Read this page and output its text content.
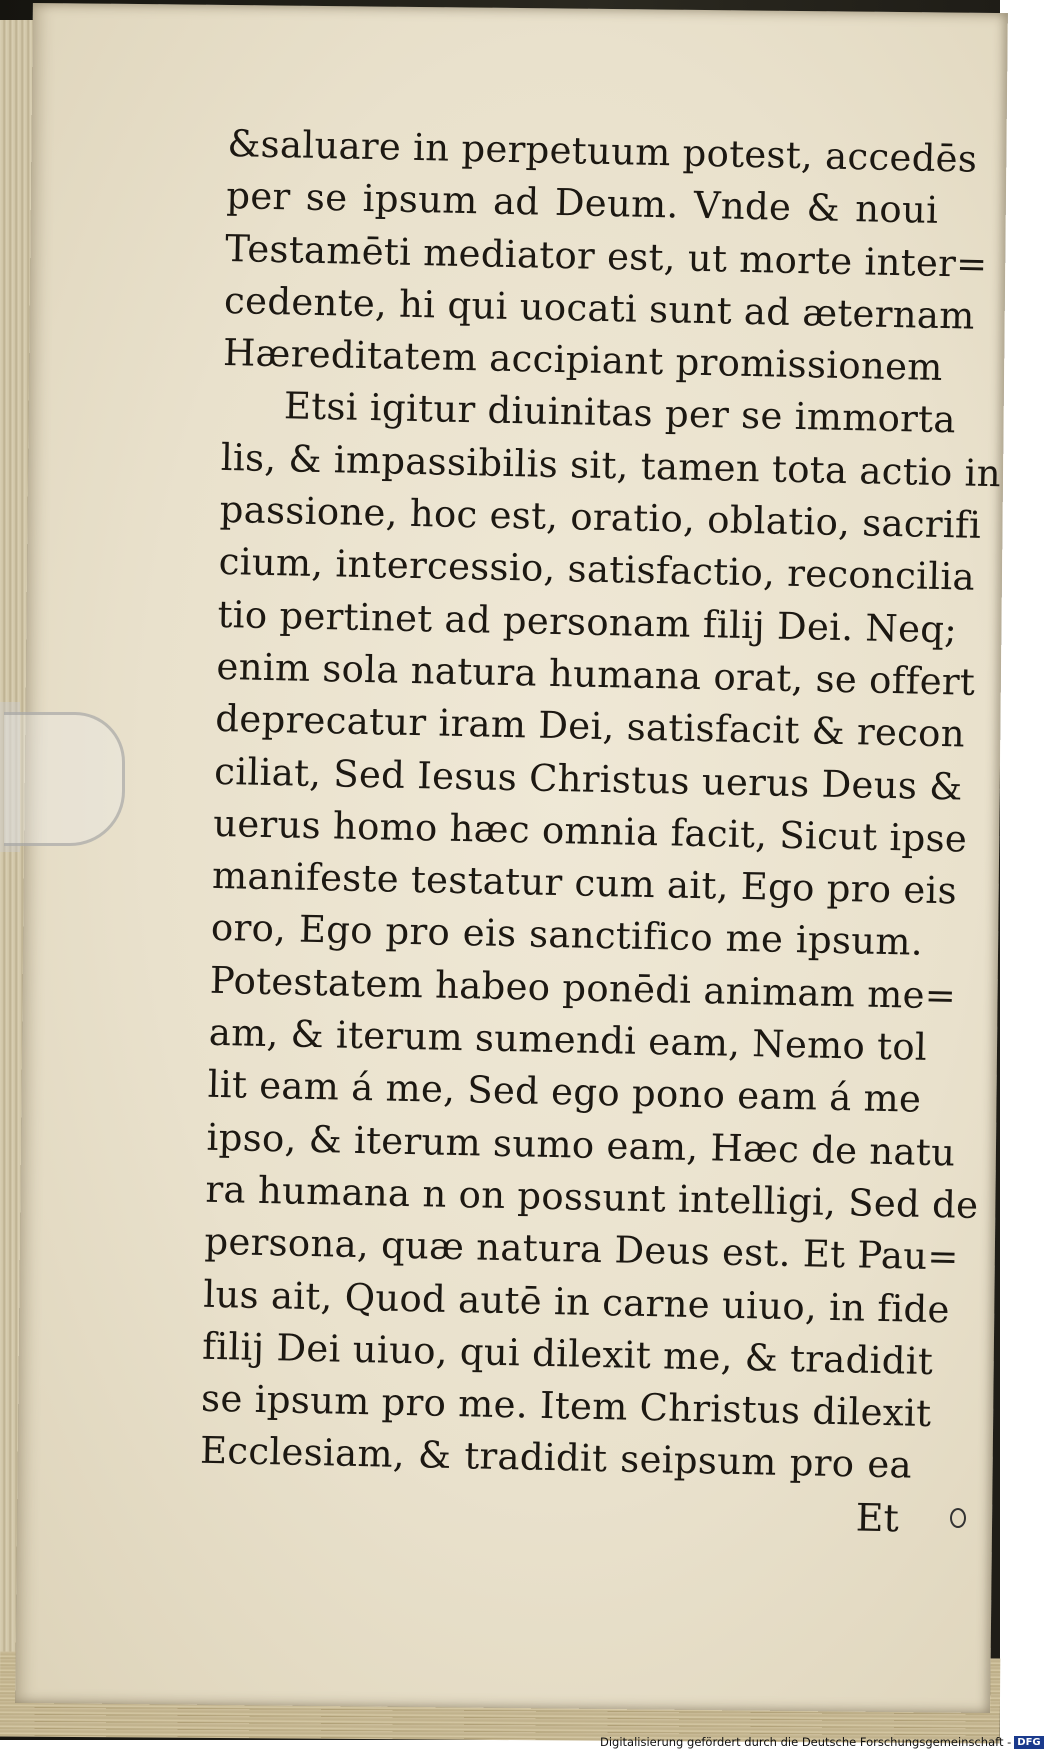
&saluare in perpetuum potest, accedēs
per se ipsum ad Deum. Vnde & noui
Testamēti mediator est, ut morte inter=
cedente, hi qui uocati sunt ad æternam
Hæreditatem accipiant promissionem
Etsi igitur diuinitas per se immorta
lis, & impassibilis sit, tamen tota actio in
passione, hoc est, oratio, oblatio, sacrifi
cium, intercessio, satisfactio, reconcilia
tio pertinet ad personam filij Dei. Neq;
enim sola natura humana orat, se offert
deprecatur iram Dei, satisfacit & recon
ciliat, Sed Iesus Christus uerus Deus &
uerus homo hæc omnia facit, Sicut ipse
manifeste testatur cum ait, Ego pro eis
oro, Ego pro eis sanctifico me ipsum.
Potestatem habeo ponēdi animam me=
am, & iterum sumendi eam, Nemo tol
lit eam á me, Sed ego pono eam á me
ipso, & iterum sumo eam, Hæc de natu
ra humana n on possunt intelligi, Sed de
persona, quæ natura Deus est. Et Pau=
lus ait, Quod autē in carne uiuo, in fide
filij Dei uiuo, qui dilexit me, & tradidit
se ipsum pro me. Item Christus dilexit
Ecclesiam, & tradidit seipsum pro ea
Et
Digitalisierung gefördert durch die Deutsche Forschungsgemeinschaft - DFG
